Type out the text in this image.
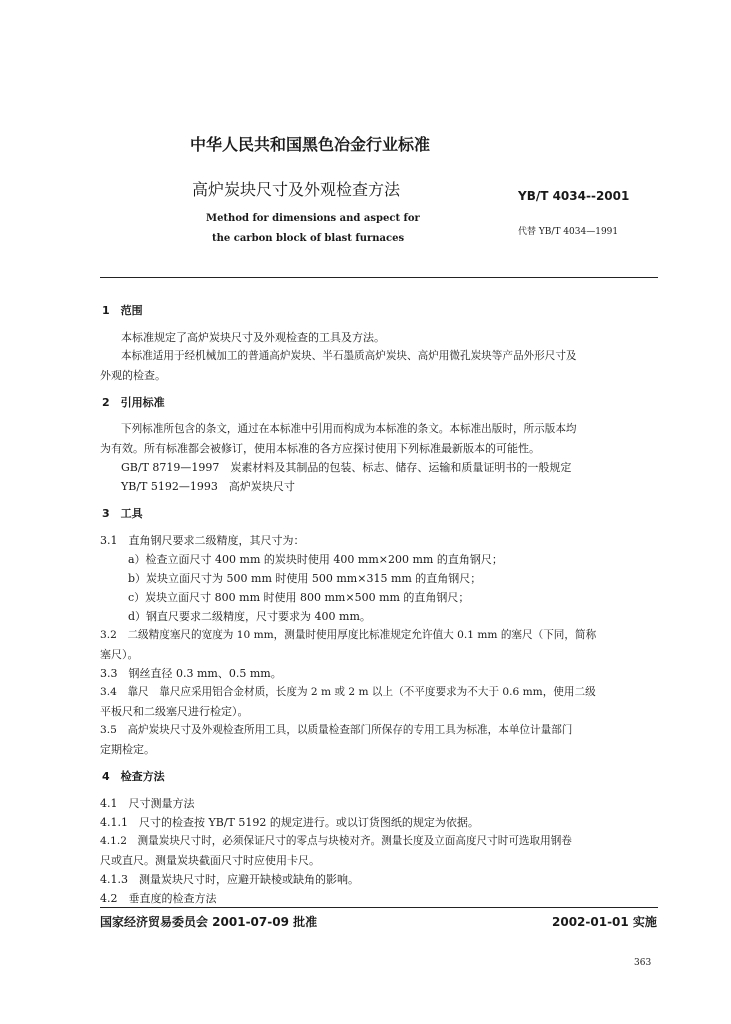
中华人民共和国黑色冶金行业标准
高炉炭块尺寸及外观检查方法	YB/T 4034--2001
Method for dimensions and aspect for
the carbon block of blast furnaces
代替 YB/T 4034—1991
1　范围
本标准规定了高炉炭块尺寸及外观检查的工具及方法。
本标准适用于经机械加工的普通高炉炭块、半石墨质高炉炭块、高炉用微孔炭块等产品外形尺寸及
外观的检查。
2　引用标准
下列标准所包含的条文，通过在本标准中引用而构成为本标准的条文。本标准出版时，所示版本均
为有效。所有标准都会被修订，使用本标准的各方应探讨使用下列标准最新版本的可能性。
GB/T 8719—1997　炭素材料及其制品的包装、标志、储存、运输和质量证明书的一般规定
YB/T 5192—1993　高炉炭块尺寸
3　工具
3.1　直角钢尺要求二级精度，其尺寸为：
a）检查立面尺寸 400 mm 的炭块时使用 400 mm×200 mm 的直角钢尺；
b）炭块立面尺寸为 500 mm 时使用 500 mm×315 mm 的直角钢尺；
c）炭块立面尺寸 800 mm 时使用 800 mm×500 mm 的直角钢尺；
d）钢直尺要求二级精度，尺寸要求为 400 mm。
3.2　二级精度塞尺的宽度为 10 mm，测量时使用厚度比标准规定允许值大 0.1 mm 的塞尺（下同，简称
塞尺）。
3.3　钢丝直径 0.3 mm、0.5 mm。
3.4　靠尺　靠尺应采用铝合金材质，长度为 2 m 或 2 m 以上（不平度要求为不大于 0.6 mm，使用二级
平板尺和二级塞尺进行检定）。
3.5　高炉炭块尺寸及外观检查所用工具，以质量检查部门所保存的专用工具为标准，本单位计量部门
定期检定。
4　检查方法
4.1　尺寸测量方法
4.1.1　尺寸的检查按 YB/T 5192 的规定进行。或以订货图纸的规定为依据。
4.1.2　测量炭块尺寸时，必须保证尺寸的零点与块棱对齐。测量长度及立面高度尺寸时可选取用钢卷
尺或直尺。测量炭块截面尺寸时应使用卡尺。
4.1.3　测量炭块尺寸时，应避开缺棱或缺角的影响。
4.2　垂直度的检查方法
国家经济贸易委员会 2001-07-09 批准	2002-01-01 实施
363
